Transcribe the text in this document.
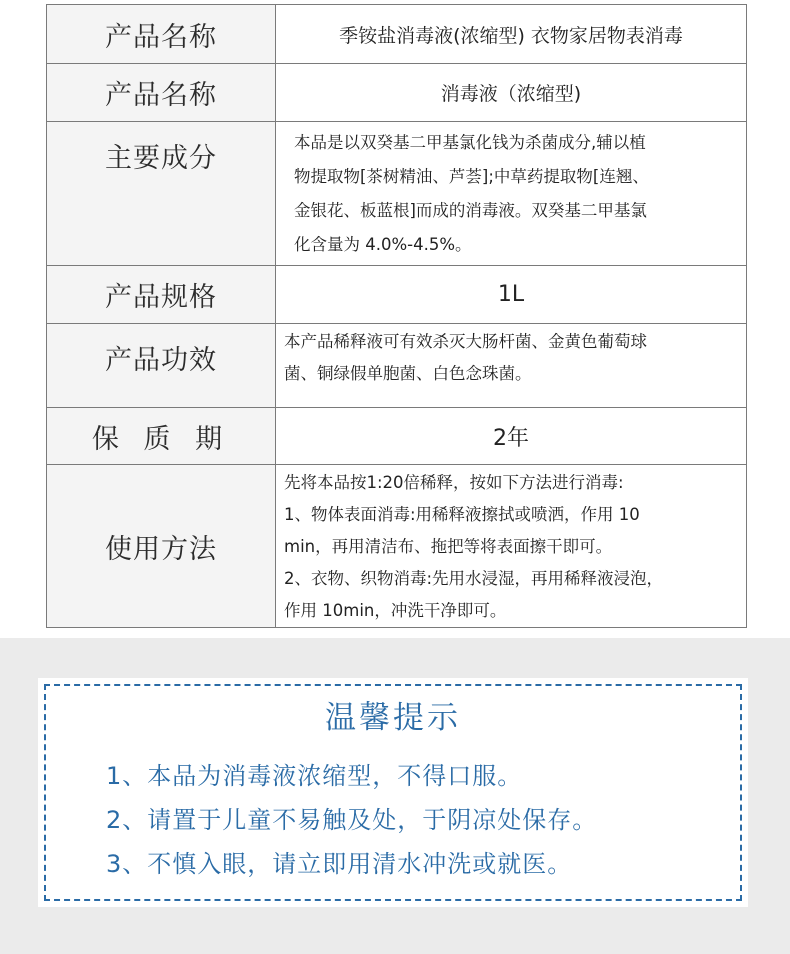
产品名称	季铵盐消毒液(浓缩型) 衣物家居物表消毒
产品名称	消毒液（浓缩型)
主要成分	本品是以双癸基二甲基氯化钱为杀菌成分,辅以植
物提取物[茶树精油、芦荟];中草药提取物[连翘、
金银花、板蓝根]而成的消毒液。双癸基二甲基氯
化含量为 4.0%-4.5%。

产品规格	1L
产品功效	本产品稀释液可有效杀灭大肠杆菌、金黄色葡萄球
菌、铜绿假单胞菌、白色念珠菌。

保 质 期	2年
使用方法	先将本品按1:20倍稀释，按如下方法进行消毒:
1、物体表面消毒:用稀释液擦拭或喷洒，作用 10
min，再用清洁布、拖把等将表面擦干即可。
2、衣物、织物消毒:先用水浸湿，再用稀释液浸泡，
作用 10min，冲洗干净即可。
温馨提示
1、本品为消毒液浓缩型，不得口服。
2、请置于儿童不易触及处，于阴凉处保存。
3、不慎入眼，请立即用清水冲洗或就医。
